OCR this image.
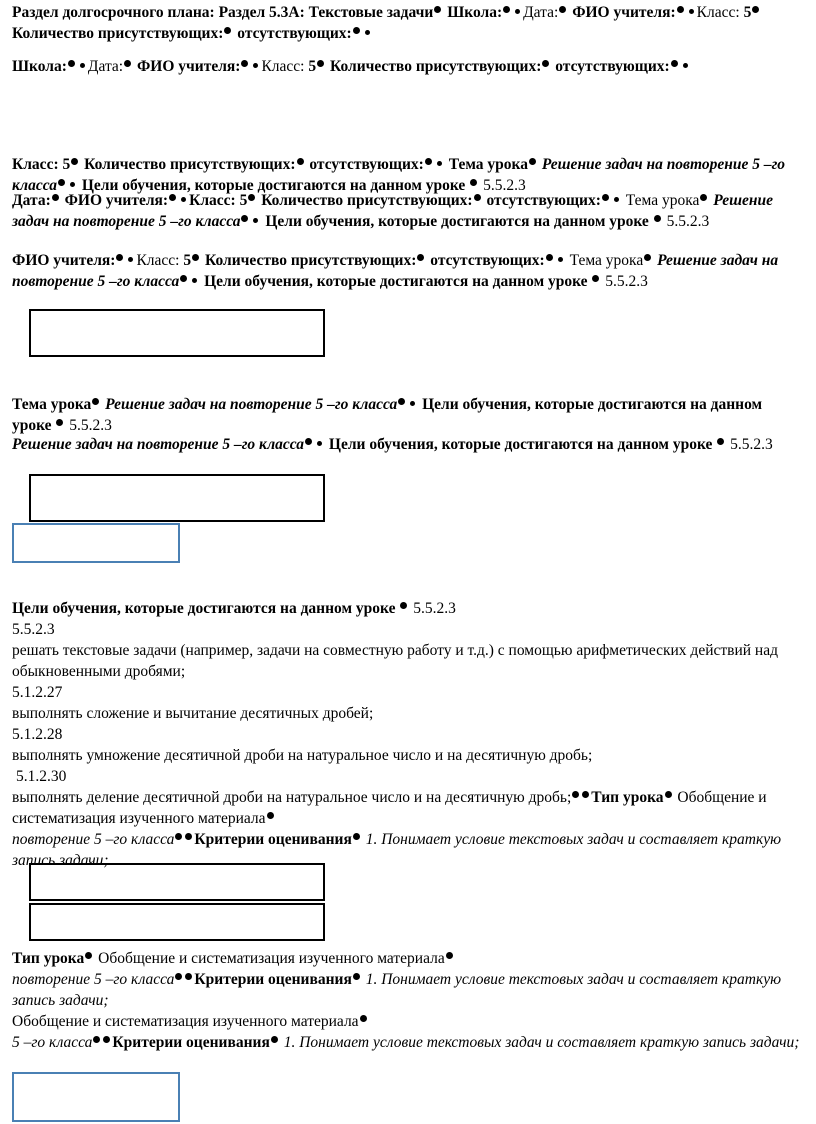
Раздел долгосрочного плана: Раздел 5.3А: Текстовые задачи Школа: Дата: ФИО учителя: Класс: 5 Количество присутствующих: отсутствующих:

Школа: Дата: ФИО учителя: Класс: 5 Количество присутствующих: отсутствующих:

Класс: 5 Количество присутствующих: отсутствующих: Тема урока Решение задач на повторение 5 –го класса Цели обучения, которые достигаются на данном уроке 5.5.2.3

Дата: ФИО учителя: Класс: 5 Количество присутствующих: отсутствующих: Тема урока Решение задач на повторение 5 –го класса Цели обучения, которые достигаются на данном уроке 5.5.2.3

ФИО учителя: Класс: 5 Количество присутствующих: отсутствующих: Тема урока Решение задач на повторение 5 –го класса Цели обучения, которые достигаются на данном уроке 5.5.2.3

Тема урока Решение задач на повторение 5 –го класса Цели обучения, которые достигаются на данном уроке 5.5.2.3

Решение задач на повторение 5 –го класса Цели обучения, которые достигаются на данном уроке 5.5.2.3

Цели обучения, которые достигаются на данном уроке 5.5.2.3

5.5.2.3
решать текстовые задачи (например, задачи на совместную работу и т.д.) с помощью арифметических действий над обыкновенными дробями;
5.1.2.27
выполнять сложение и вычитание десятичных дробей;
5.1.2.28
выполнять умножение десятичной дроби на натуральное число и на десятичную дробь;
5.1.2.30
выполнять деление десятичной дроби на натуральное число и на десятичную дробь; Тип урока Обобщение и систематизация изученного материала
повторение 5 –го класса Критерии оценивания 1. Понимает условие текстовых задач и составляет краткую запись задачи;
Тип урока Обобщение и систематизация изученного материала
повторение 5 –го класса Критерии оценивания 1. Понимает условие текстовых задач и составляет краткую запись задачи;
Обобщение и систематизация изученного материала
5 –го класса Критерии оценивания 1. Понимает условие текстовых задач и составляет краткую запись задачи;
